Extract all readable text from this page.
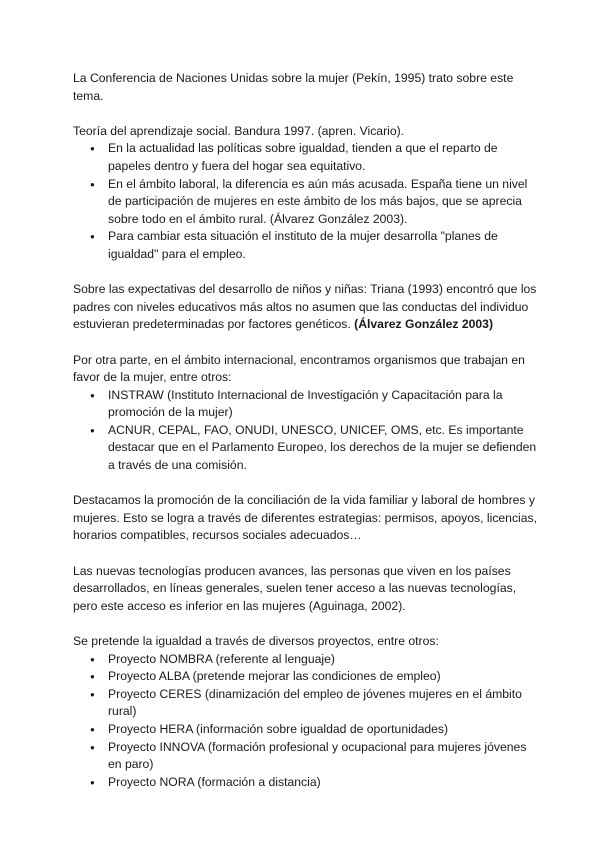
La Conferencia de Naciones Unidas sobre la mujer (Pekín, 1995) trato sobre este tema.

Teoría del aprendizaje social. Bandura 1997. (apren. Vicario).

● En la actualidad las políticas sobre igualdad, tienden a que el reparto de papeles dentro y fuera del hogar sea equitativo.
● En el ámbito laboral, la diferencia es aún más acusada. España tiene un nivel de participación de mujeres en este ámbito de los más bajos, que se aprecia sobre todo en el ámbito rural. (Álvarez González 2003).
● Para cambiar esta situación el instituto de la mujer desarrolla "planes de igualdad" para el empleo.

Sobre las expectativas del desarrollo de niños y niñas: Triana (1993) encontró que los padres con niveles educativos más altos no asumen que las conductas del individuo estuvieran predeterminadas por factores genéticos. (Álvarez González 2003)

Por otra parte, en el ámbito internacional, encontramos organismos que trabajan en favor de la mujer, entre otros:

● INSTRAW (Instituto Internacional de Investigación y Capacitación para la promoción de la mujer)
● ACNUR, CEPAL, FAO, ONUDI, UNESCO, UNICEF, OMS, etc. Es importante destacar que en el Parlamento Europeo, los derechos de la mujer se defienden a través de una comisión.

Destacamos la promoción de la conciliación de la vida familiar y laboral de hombres y mujeres. Esto se logra a través de diferentes estrategias: permisos, apoyos, licencias, horarios compatibles, recursos sociales adecuados…

Las nuevas tecnologías producen avances, las personas que viven en los países desarrollados, en líneas generales, suelen tener acceso a las nuevas tecnologías, pero este acceso es inferior en las mujeres (Aguinaga, 2002).

Se pretende la igualdad a través de diversos proyectos, entre otros:

● Proyecto NOMBRA (referente al lenguaje)
● Proyecto ALBA (pretende mejorar las condiciones de empleo)
● Proyecto CERES (dinamización del empleo de jóvenes mujeres en el ámbito rural)
● Proyecto HERA (información sobre igualdad de oportunidades)
● Proyecto INNOVA (formación profesional y ocupacional para mujeres jóvenes en paro)
● Proyecto NORA (formación a distancia)
